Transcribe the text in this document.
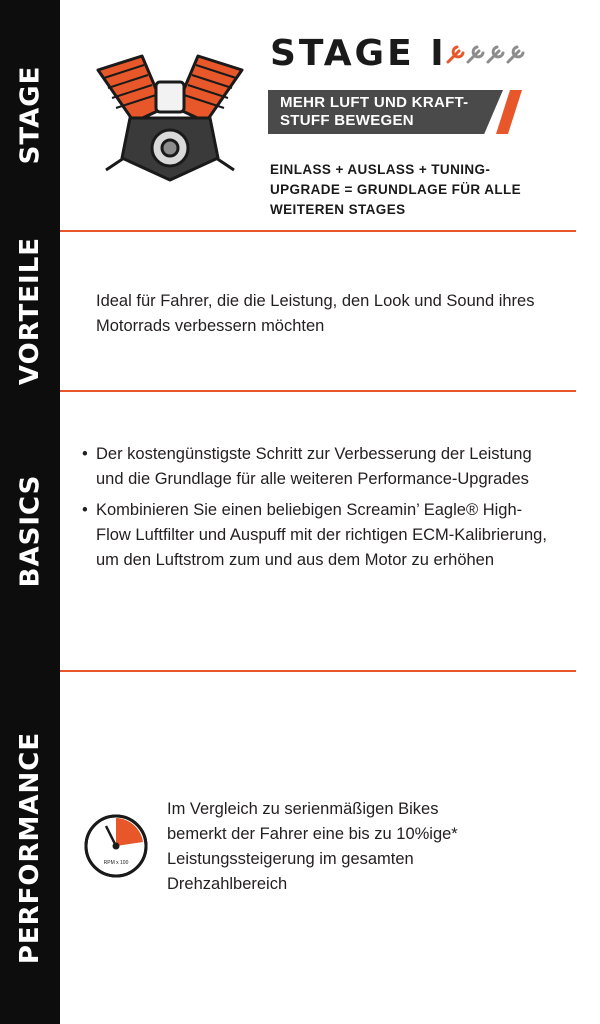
STAGE
VORTEILE
BASICS
PERFORMANCE
STAGE I
MEHR LUFT UND KRAFT-STUFF BEWEGEN
EINLASS + AUSLASS + TUNING-UPGRADE = GRUNDLAGE FÜR ALLE WEITEREN STAGES
Ideal für Fahrer, die die Leistung, den Look und Sound ihres Motorrads verbessern möchten
• Der kostengünstigste Schritt zur Verbesserung der Leistung und die Grundlage für alle weiteren Performance-Upgrades
• Kombinieren Sie einen beliebigen Screamin’ Eagle® High-Flow Luftfilter und Auspuff mit der richtigen ECM-Kalibrierung, um den Luftstrom zum und aus dem Motor zu erhöhen
RPM x 100
Im Vergleich zu serienmäßigen Bikes bemerkt der Fahrer eine bis zu 10%ige* Leistungssteigerung im gesamten Drehzahlbereich
